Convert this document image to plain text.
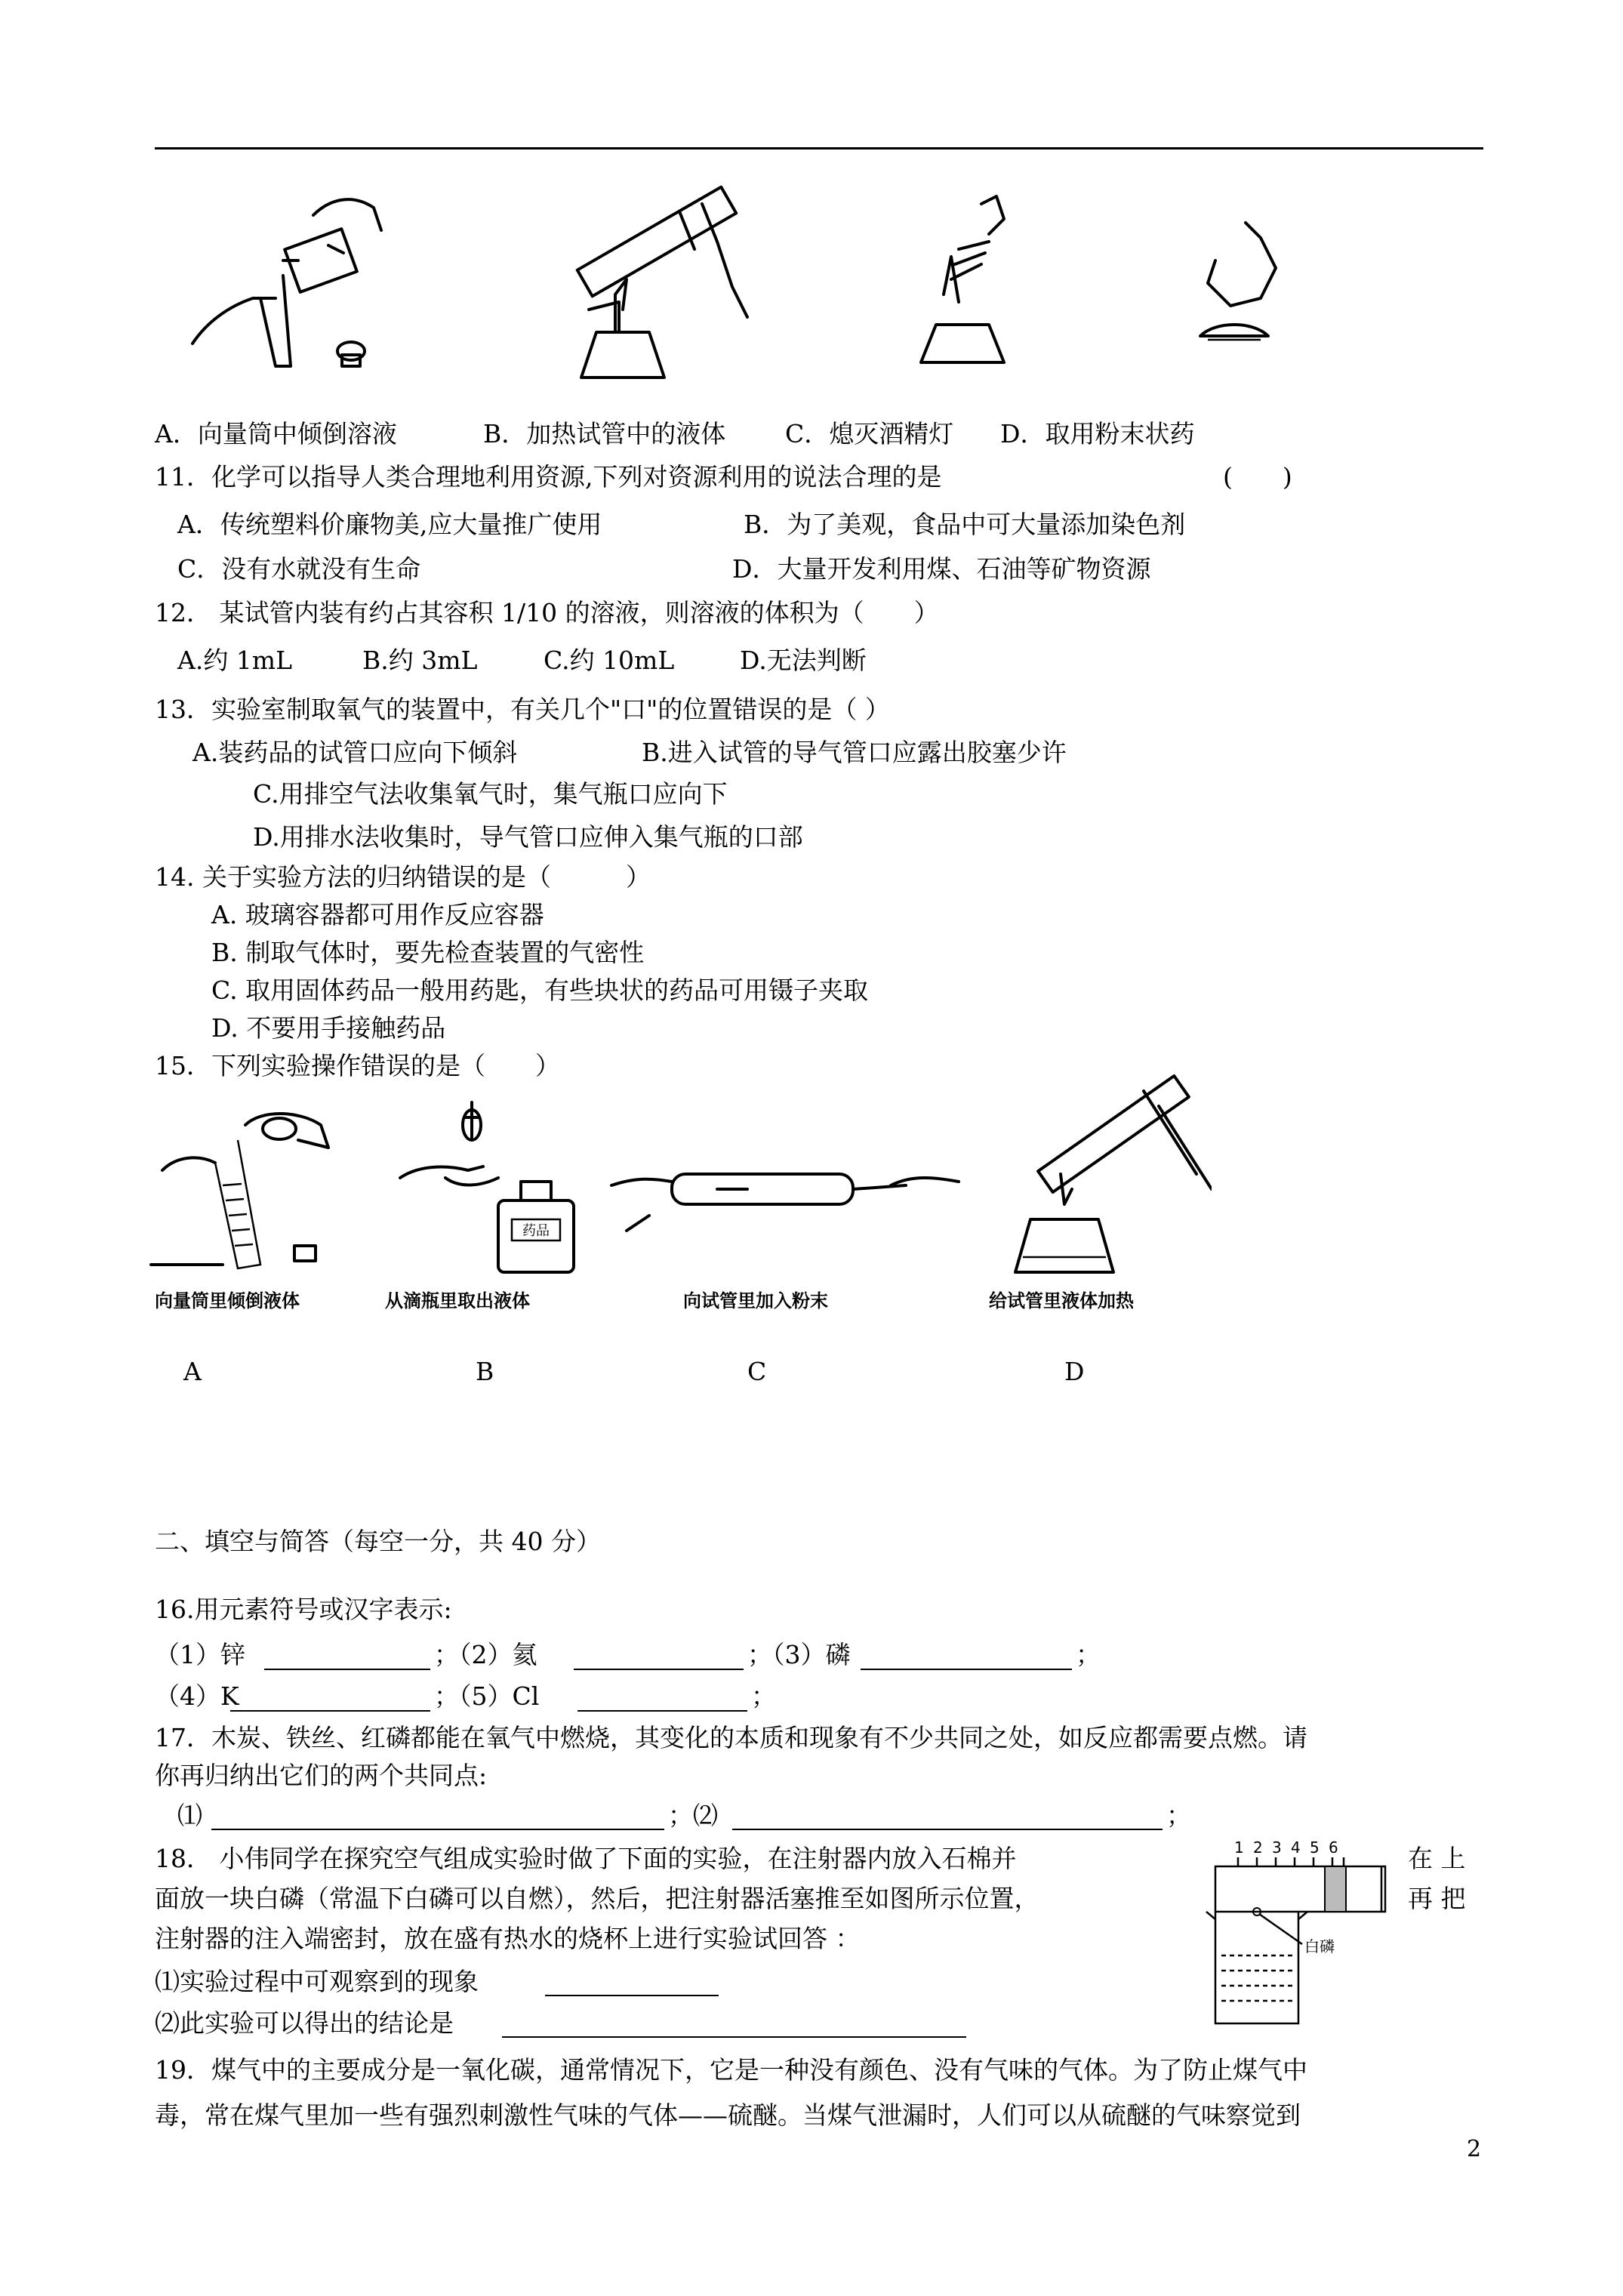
A．向量筒中倾倒溶液	B．加热试管中的液体 C．熄灭酒精灯 D．取用粉末状药
11．化学可以指导人类合理地利用资源,下列对资源利用的说法合理的是	(　　)
A．传统塑料价廉物美,应大量推广使用	B．为了美观，食品中可大量添加染色剂
C．没有水就没有生命	D．大量开发利用煤、石油等矿物资源
12． 某试管内装有约占其容积 1/10 的溶液，则溶液的体积为（　　）
A.约 1mL	B.约 3mL	C.约 10mL	D.无法判断
13．实验室制取氧气的装置中，有关几个"口"的位置错误的是（ ）
A.装药品的试管口应向下倾斜	B.进入试管的导气管口应露出胶塞少许
C.用排空气法收集氧气时，集气瓶口应向下
D.用排水法收集时，导气管口应伸入集气瓶的口部
14. 关于实验方法的归纳错误的是（　　　）
A. 玻璃容器都可用作反应容器
B. 制取气体时，要先检查装置的气密性
C. 取用固体药品一般用药匙，有些块状的药品可用镊子夹取
D. 不要用手接触药品
15．下列实验操作错误的是（　　）
药品
向量筒里倾倒液体	从滴瓶里取出液体	向试管里加入粉末	给试管里液体加热
A	B	C	D
二、填空与简答（每空一分，共 40 分）
16.用元素符号或汉字表示:
（1）锌	；（2）氦	；（3）磷	；
（4）K	；（5）Cl	；
17．木炭、铁丝、红磷都能在氧气中燃烧，其变化的本质和现象有不少共同之处，如反应都需要点燃。请
你再归纳出它们的两个共同点:
⑴	；⑵	；
18． 小伟同学在探究空气组成实验时做了下面的实验，在注射器内放入石棉并	在 上
面放一块白磷（常温下白磷可以自燃），然后，把注射器活塞推至如图所示位置，	再 把
注射器的注入端密封，放在盛有热水的烧杯上进行实验试回答 ：
⑴实验过程中可观察到的现象
⑵此实验可以得出的结论是
1 2 3 4 5 6
白磷
19．煤气中的主要成分是一氧化碳，通常情况下，它是一种没有颜色、没有气味的气体。为了防止煤气中
毒，常在煤气里加一些有强烈刺激性气味的气体——硫醚。当煤气泄漏时，人们可以从硫醚的气味察觉到
2
